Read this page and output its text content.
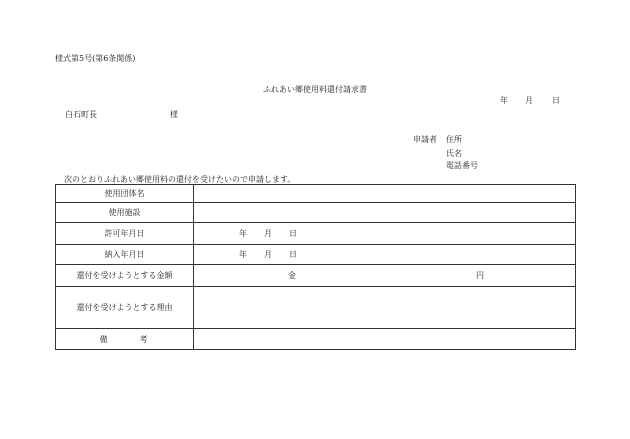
様式第5号(第6条関係)
ふれあい郷使用料還付請求書
年 月 日
白石町長	様
申請者 住所
氏名
電話番号
次のとおりふれあい郷使用料の還付を受けたいので申請します。
使用団体名
使用施設
許可年月日	年 月 日
納入年月日	年 月 日
還付を受けようとする金額	金	円
還付を受けようとする理由
備　　　考
